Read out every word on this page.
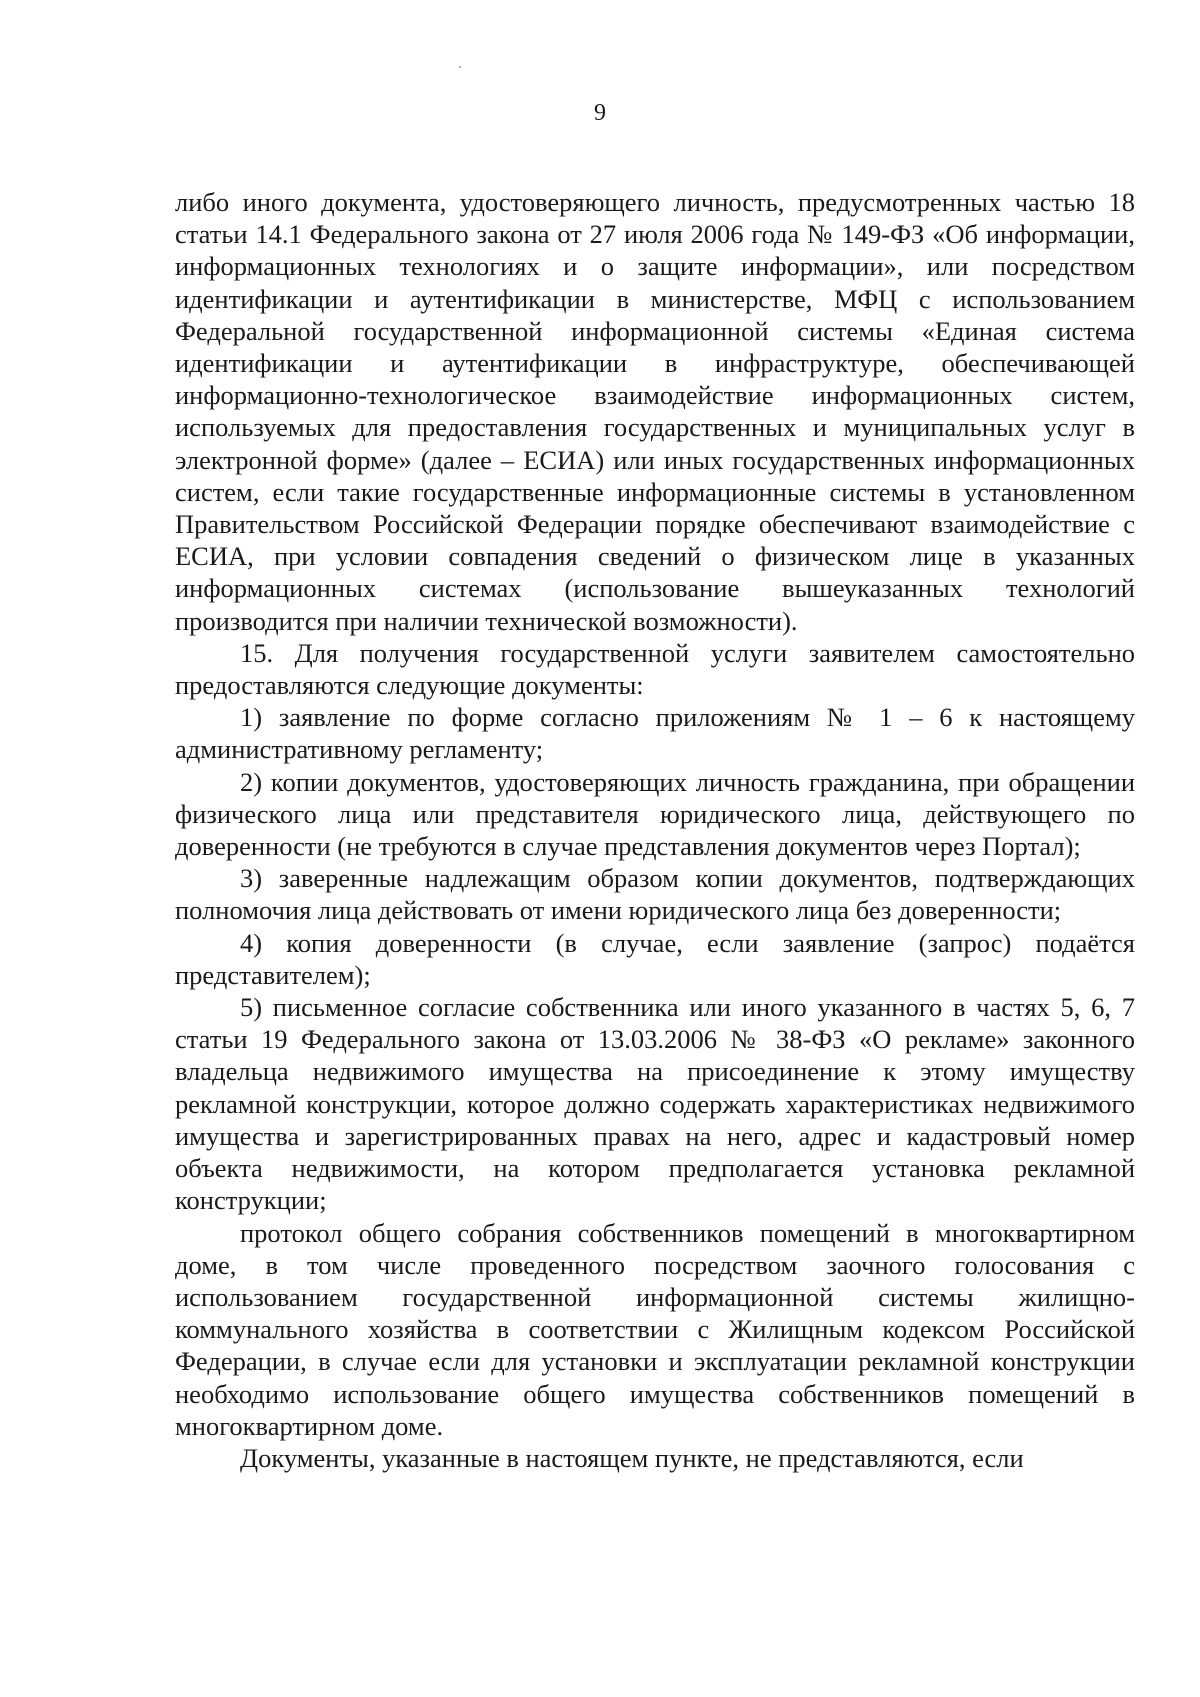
9

либо иного документа, удостоверяющего личность, предусмотренных частью 18 статьи 14.1 Федерального закона от 27 июля 2006 года № 149-ФЗ «Об информации, информационных технологиях и о защите информации», или посредством идентификации и аутентификации в министерстве, МФЦ с использованием Федеральной государственной информационной системы «Единая система идентификации и аутентификации в инфраструктуре, обеспечивающей информационно-технологическое взаимодействие информационных систем, используемых для предоставления государственных и муниципальных услуг в электронной форме» (далее – ЕСИА) или иных государственных информационных систем, если такие государственные информационные системы в установленном Правительством Российской Федерации порядке обеспечивают взаимодействие с ЕСИА, при условии совпадения сведений о физическом лице в указанных информационных системах (использование вышеуказанных технологий производится при наличии технической возможности).

15. Для получения государственной услуги заявителем самостоятельно предоставляются следующие документы:

1) заявление по форме согласно приложениям № 1 – 6 к настоящему административному регламенту;

2) копии документов, удостоверяющих личность гражданина, при обращении физического лица или представителя юридического лица, действующего по доверенности (не требуются в случае представления документов через Портал);

3) заверенные надлежащим образом копии документов, подтверждающих полномочия лица действовать от имени юридического лица без доверенности;

4) копия доверенности (в случае, если заявление (запрос) подаётся представителем);

5) письменное согласие собственника или иного указанного в частях 5, 6, 7 статьи 19 Федерального закона от 13.03.2006 № 38-ФЗ «О рекламе» законного владельца недвижимого имущества на присоединение к этому имуществу рекламной конструкции, которое должно содержать характеристиках недвижимого имущества и зарегистрированных правах на него, адрес и кадастровый номер объекта недвижимости, на котором предполагается установка рекламной конструкции;

протокол общего собрания собственников помещений в многоквартирном доме, в том числе проведенного посредством заочного голосования с использованием государственной информационной системы жилищно-коммунального хозяйства в соответствии с Жилищным кодексом Российской Федерации, в случае если для установки и эксплуатации рекламной конструкции необходимо использование общего имущества собственников помещений в многоквартирном доме.

Документы, указанные в настоящем пункте, не представляются, если
